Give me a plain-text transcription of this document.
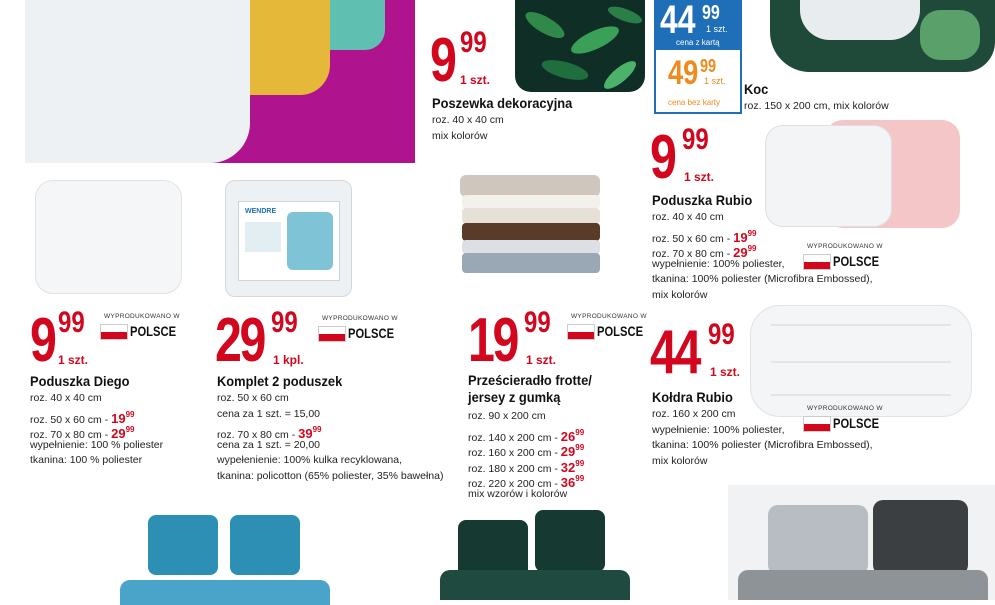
9 99
1 szt.
Poszewka dekoracyjna
roz. 40 x 40 cm
mix kolorów
44 99
1 szt.
cena z kartą
49 99
1 szt.
cena bez karty
Koc
roz. 150 x 200 cm, mix kolorów
9 99
1 szt.
Poduszka Rubio
roz. 40 x 40 cm
roz. 50 x 60 cm - $19^{99}$
roz. 70 x 80 cm - $29^{99}$
wypełnienie: 100% poliester,
tkanina: 100% poliester (Microfibra Embossed),
mix kolorów
WYPRODUKOWANO W
POLSCE
9 99
1 szt.
WYPRODUKOWANO W
POLSCE
Poduszka Diego
roz. 40 x 40 cm
roz. 50 x 60 cm - $19^{99}$
roz. 70 x 80 cm - $29^{99}$
wypełnienie: 100 % poliester
tkanina: 100 % poliester
WENDRE
29 99
1 kpl.
WYPRODUKOWANO W
POLSCE
Komplet 2 poduszek
roz. 50 x 60 cm
cena za 1 szt. = 15,00
roz. 70 x 80 cm - $39^{99}$
cena za 1 szt. = 20,00
wypełenienie: 100% kulka recyklowana,
tkanina: policotton (65% poliester, 35% bawełna)
19 99
1 szt.
WYPRODUKOWANO W
POLSCE
Prześcieradło frotte/
jersey z gumką
roz. 90 x 200 cm
roz. 140 x 200 cm - $26^{99}$
roz. 160 x 200 cm - $29^{99}$
roz. 180 x 200 cm - $32^{99}$
roz. 220 x 200 cm - $36^{99}$
mix wzorów i kolorów
44 99
1 szt.
Kołdra Rubio
roz. 160 x 200 cm
wypełnienie: 100% poliester,
tkanina: 100% poliester (Microfibra Embossed),
mix kolorów
WYPRODUKOWANO W
POLSCE
